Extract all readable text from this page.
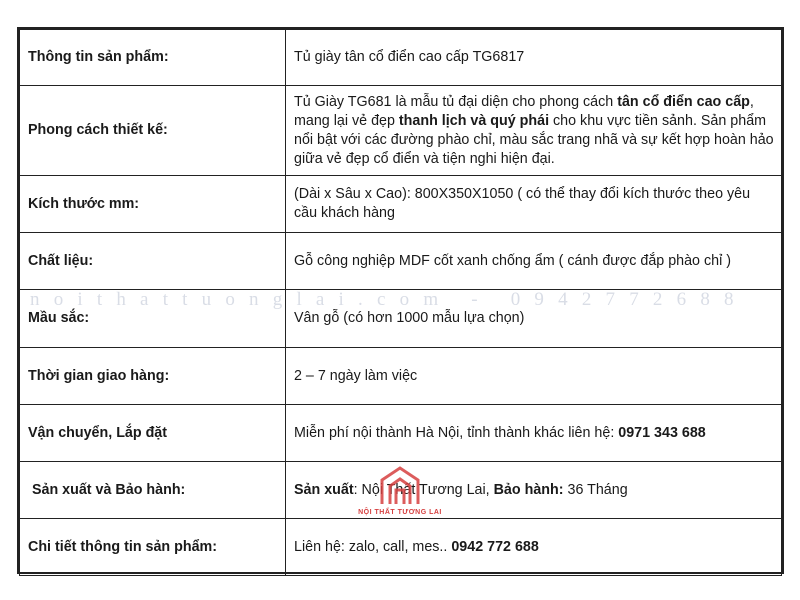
Thông tin sản phẩm:	Tủ giày tân cổ điển cao cấp TG6817
Phong cách thiết kế:	Tủ Giày TG681 là mẫu tủ đại diện cho phong cách tân cổ điển cao cấp, mang lại vẻ đẹp thanh lịch và quý phái cho khu vực tiền sảnh. Sản phẩm nổi bật với các đường phào chỉ, màu sắc trang nhã và sự kết hợp hoàn hảo giữa vẻ đẹp cổ điển và tiện nghi hiện đại.
Kích thước mm:	(Dài x Sâu x Cao): 800X350X1050 ( có thể thay đổi kích thước theo yêu cầu khách hàng
Chất liệu:	Gỗ công nghiệp MDF cốt xanh chống ẩm ( cánh được đắp phào chỉ )
Mầu sắc:	Vân gỗ (có hơn 1000 mẫu lựa chọn)
Thời gian giao hàng:	2 – 7 ngày làm việc
Vận chuyển, Lắp đặt	Miễn phí nội thành Hà Nội, tỉnh thành khác liên hệ: 0971 343 688
Sản xuất và Bảo hành:	Sản xuất: Nội Thất Tương Lai, Bảo hành: 36 Tháng
Chi tiết thông tin sản phẩm:	Liên hệ: zalo, call, mes.. 0942 772 688
noithattuonglai.com - 0942772688
NỘI THẤT TƯƠNG LAI
